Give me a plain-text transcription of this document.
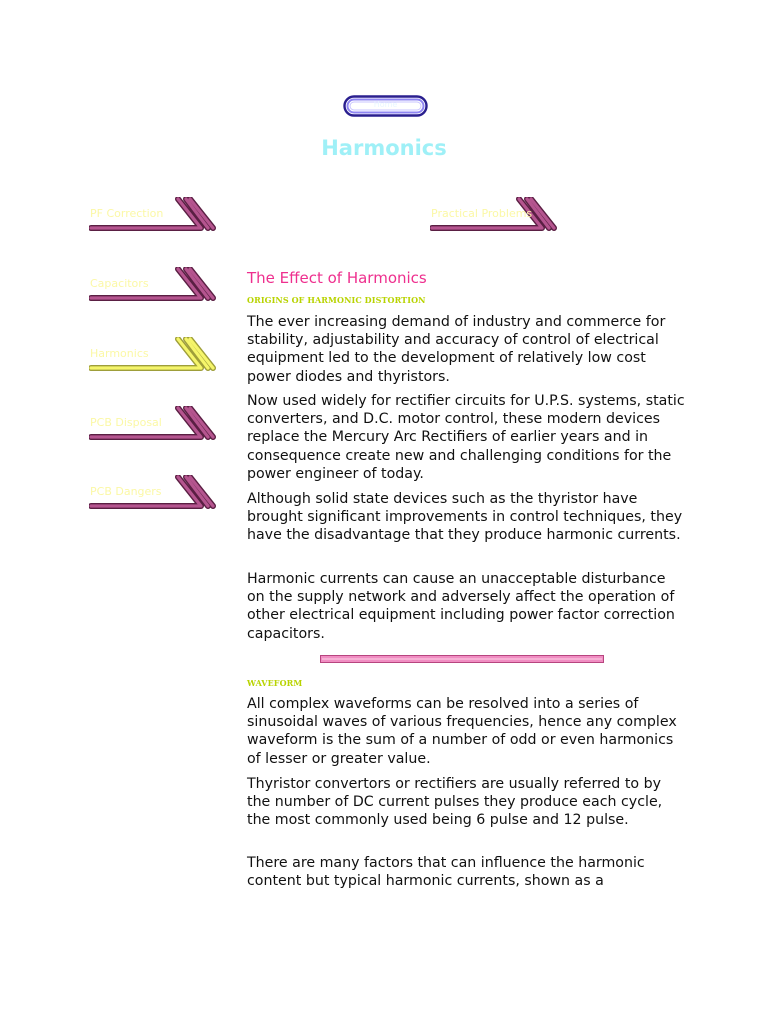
Home
Harmonics
PF Correction
Capacitors
Harmonics
PCB Disposal
PCB Dangers
Practical Problems
The Effect of Harmonics
ORIGINS OF HARMONIC DISTORTION
The ever increasing demand of industry and commerce for stability, adjustability and accuracy of control of electrical equipment led to the development of relatively low cost power diodes and thyristors.
Now used widely for rectifier circuits for U.P.S. systems, static converters, and D.C. motor control, these modern devices replace the Mercury Arc Rectifiers of earlier years and in consequence create new and challenging conditions for the power engineer of today.
Although solid state devices such as the thyristor have brought significant improvements in control techniques, they have the disadvantage that they produce harmonic currents.
Harmonic currents can cause an unacceptable disturbance on the supply network and adversely affect the operation of other electrical equipment including power factor correction capacitors.
WAVEFORM
All complex waveforms can be resolved into a series of sinusoidal waves of various frequencies, hence any complex waveform is the sum of a number of odd or even harmonics of lesser or greater value.
Thyristor convertors or rectifiers are usually referred to by the number of DC current pulses they produce each cycle, the most commonly used being 6 pulse and 12 pulse.
There are many factors that can influence the harmonic content but typical harmonic currents, shown as a
